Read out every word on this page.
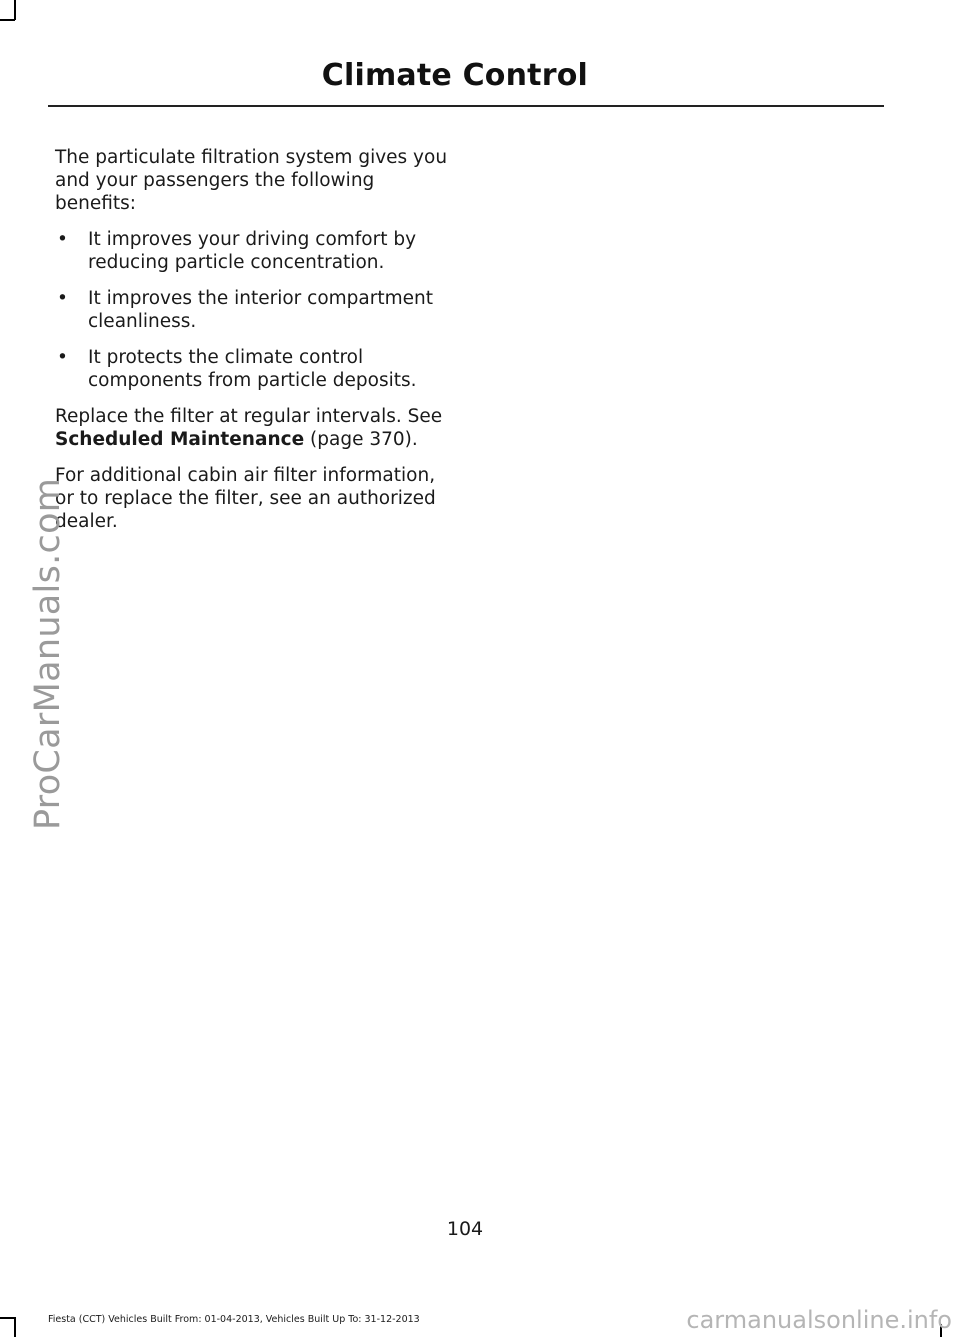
Climate Control

The particulate filtration system gives you and your passengers the following benefits:

• It improves your driving comfort by reducing particle concentration.
• It improves the interior compartment cleanliness.
• It protects the climate control components from particle deposits.

Replace the filter at regular intervals. See Scheduled Maintenance (page 370).

For additional cabin air filter information, or to replace the filter, see an authorized dealer.

ProCarManuals.com
104
Fiesta (CCT) Vehicles Built From: 01-04-2013, Vehicles Built Up To: 31-12-2013	carmanualsonline.info
